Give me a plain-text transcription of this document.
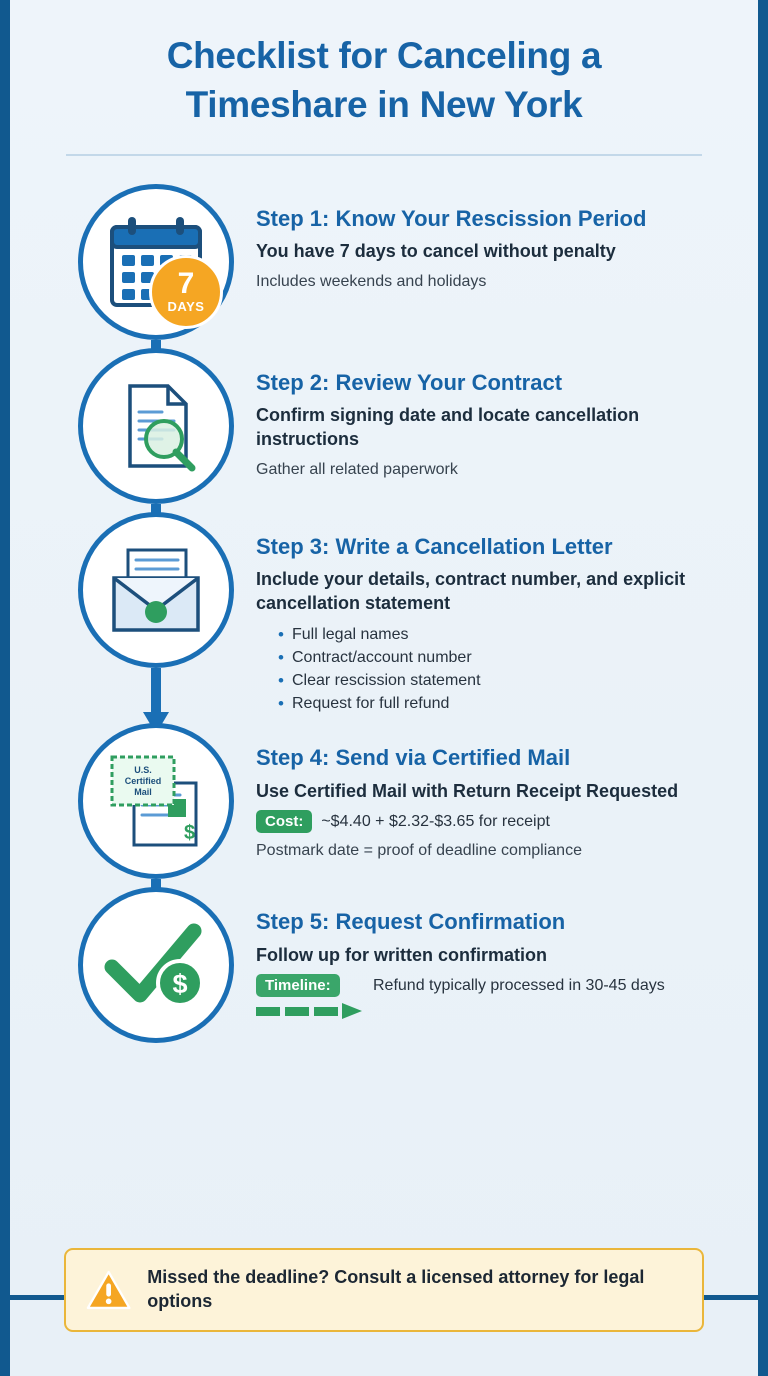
Checklist for Canceling a Timeshare in New York
7
DAYS

Step 1: Know Your Rescission Period

You have 7 days to cancel without penalty

Includes weekends and holidays

Step 2: Review Your Contract

Confirm signing date and locate cancellation instructions

Gather all related paperwork

Step 3: Write a Cancellation Letter

Include your details, contract number, and explicit cancellation statement

• Full legal names
• Contract/account number
• Clear rescission statement
• Request for full refund
$
U.S.
Certified
Mail

Step 4: Send via Certified Mail

Use Certified Mail with Return Receipt Requested

Cost:	~$4.40 + $2.32-$3.65 for receipt

Postmark date = proof of deadline compliance

$

Step 5: Request Confirmation

Follow up for written confirmation

Timeline:	Refund typically processed in 30-45 days
Missed the deadline? Consult a licensed attorney for legal options
